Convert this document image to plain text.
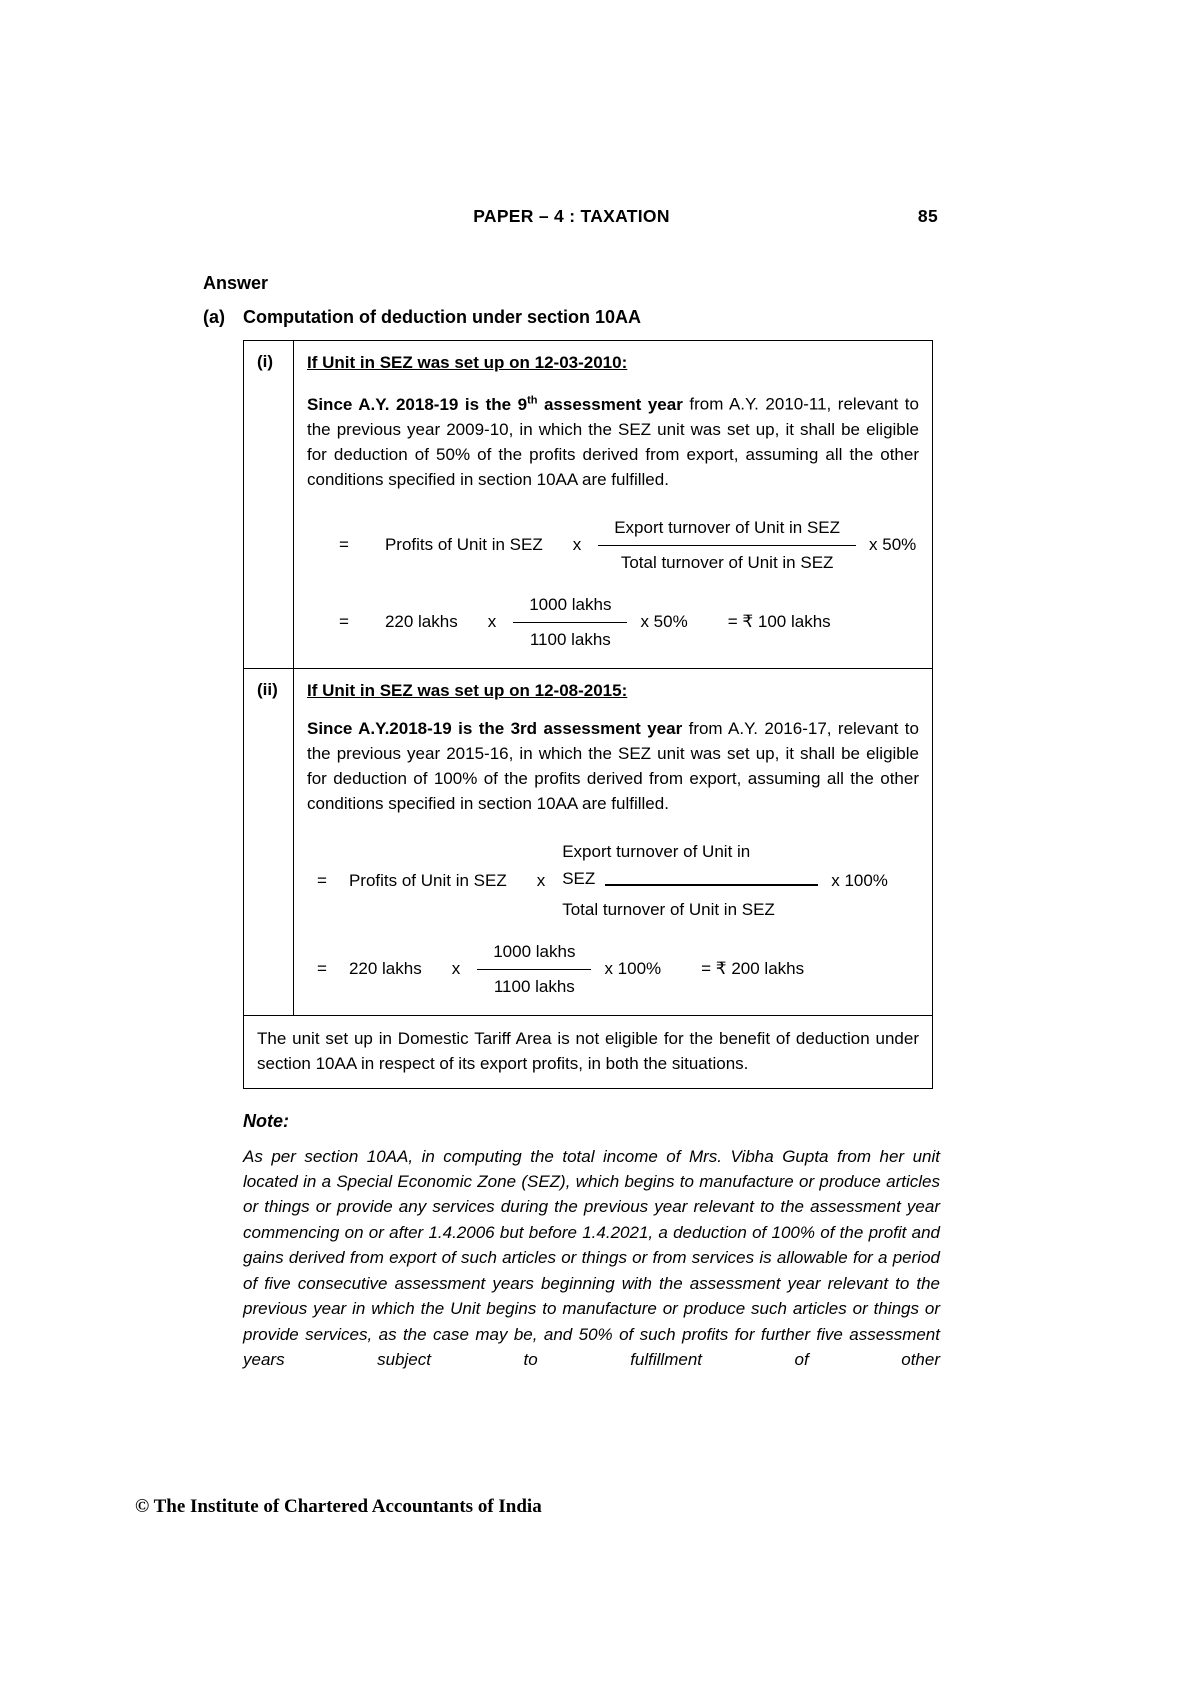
PAPER – 4 : TAXATION	85
Answer
(a)	Computation of deduction under section 10AA
(i)	If Unit in SEZ was set up on 12-03-2010:

Since A.Y. 2018-19 is the 9th assessment year from A.Y. 2010-11, relevant to the previous year 2009-10, in which the SEZ unit was set up, it shall be eligible for deduction of 50% of the profits derived from export, assuming all the other conditions specified in section 10AA are fulfilled.

= Profits of Unit in SEZ x $\frac{\text{Export turnover of Unit in SEZ}}{\text{Total turnover of Unit in SEZ}}$ x 50%
= 220 lakhs x $\frac{\text{1000 lakhs}}{\text{1100 lakhs}}$ x 50% = ₹ 100 lakhs

(ii)	If Unit in SEZ was set up on 12-08-2015:

Since A.Y.2018-19 is the 3rd assessment year from A.Y. 2016-17, relevant to the previous year 2015-16, in which the SEZ unit was set up, it shall be eligible for deduction of 100% of the profits derived from export, assuming all the other conditions specified in section 10AA are fulfilled.

= Profits of Unit in SEZ x
Export turnover of Unit in
SEZ
Total turnover of Unit in SEZ
x 100%
= 220 lakhs x $\frac{\text{1000 lakhs}}{\text{1100 lakhs}}$ x 100% = ₹ 200 lakhs

The unit set up in Domestic Tariff Area is not eligible for the benefit of deduction under section 10AA in respect of its export profits, in both the situations.	
Note:

As per section 10AA, in computing the total income of Mrs. Vibha Gupta from her unit located in a Special Economic Zone (SEZ), which begins to manufacture or produce articles or things or provide any services during the previous year relevant to the assessment year commencing on or after 1.4.2006 but before 1.4.2021, a deduction of 100% of the profit and gains derived from export of such articles or things or from services is allowable for a period of five consecutive assessment years beginning with the assessment year relevant to the previous year in which the Unit begins to manufacture or produce such articles or things or provide services, as the case may be, and 50% of such profits for further five assessment years subject to fulfillment of other

© The Institute of Chartered Accountants of India
